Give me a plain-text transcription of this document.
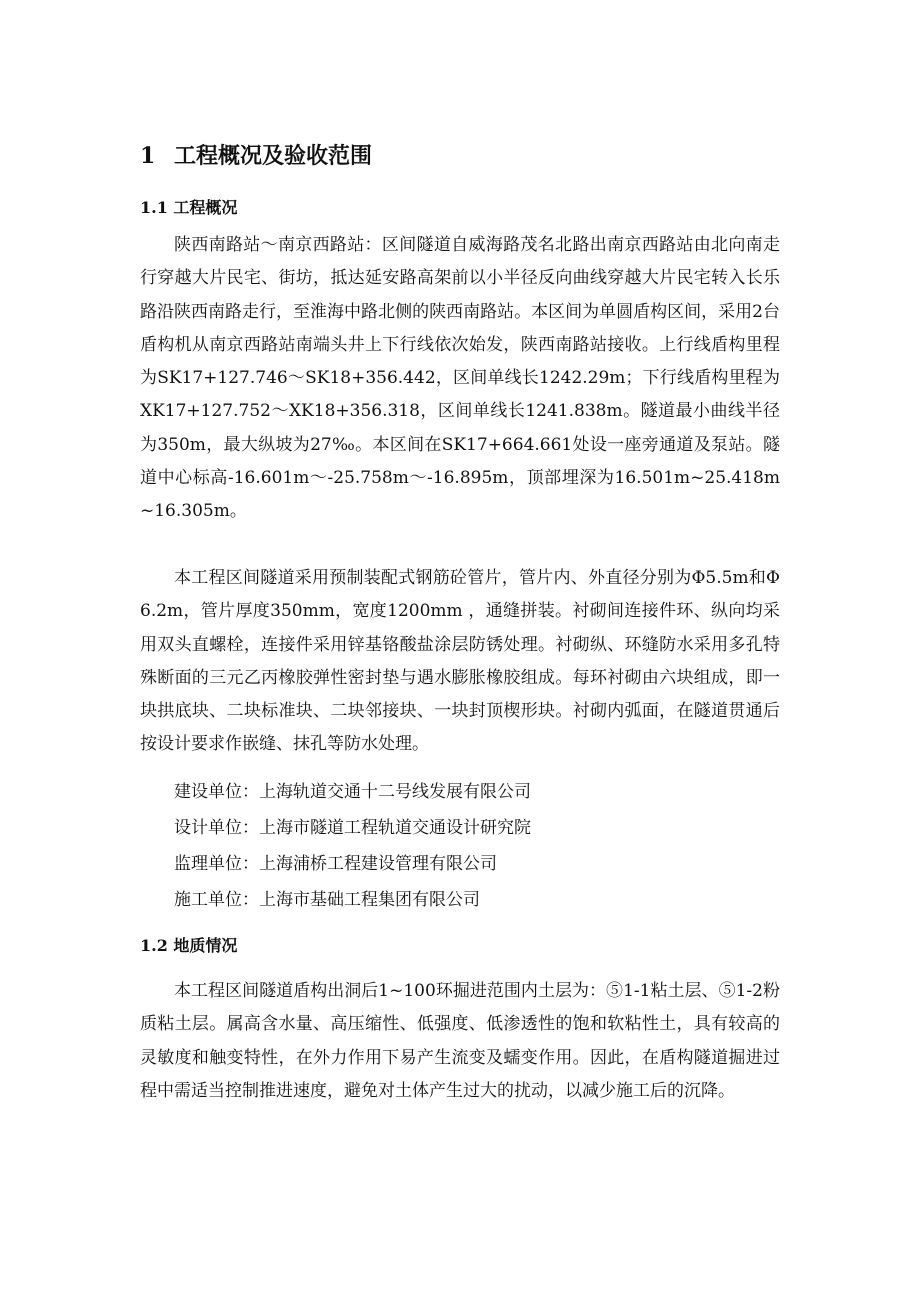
1 工程概况及验收范围
1.1 工程概况

陕西南路站～南京西路站：区间隧道自威海路茂名北路出南京西路站由北向南走行穿越大片民宅、街坊，抵达延安路高架前以小半径反向曲线穿越大片民宅转入长乐路沿陕西南路走行，至淮海中路北侧的陕西南路站。本区间为单圆盾构区间，采用2台盾构机从南京西路站南端头井上下行线依次始发，陕西南路站接收。上行线盾构里程为SK17+127.746～SK18+356.442，区间单线长1242.29m；下行线盾构里程为XK17+127.752～XK18+356.318，区间单线长1241.838m。隧道最小曲线半径为350m，最大纵坡为27‰。本区间在SK17+664.661处设一座旁通道及泵站。隧道中心标高-16.601m～-25.758m～-16.895m，顶部埋深为16.501m~25.418m~16.305m。

本工程区间隧道采用预制装配式钢筋砼管片，管片内、外直径分别为Φ5.5m和Φ6.2m，管片厚度350mm，宽度1200mm ，通缝拼装。衬砌间连接件环、纵向均采用双头直螺栓，连接件采用锌基铬酸盐涂层防锈处理。衬砌纵、环缝防水采用多孔特殊断面的三元乙丙橡胶弹性密封垫与遇水膨胀橡胶组成。每环衬砌由六块组成，即一块拱底块、二块标准块、二块邻接块、一块封顶楔形块。衬砌内弧面，在隧道贯通后按设计要求作嵌缝、抹孔等防水处理。

建设单位：上海轨道交通十二号线发展有限公司
设计单位：上海市隧道工程轨道交通设计研究院
监理单位：上海浦桥工程建设管理有限公司
施工单位：上海市基础工程集团有限公司
1.2 地质情况

本工程区间隧道盾构出洞后1~100环掘进范围内土层为：⑤1-1粘土层、⑤1-2粉质粘土层。属高含水量、高压缩性、低强度、低渗透性的饱和软粘性土，具有较高的灵敏度和触变特性，在外力作用下易产生流变及蠕变作用。因此，在盾构隧道掘进过程中需适当控制推进速度，避免对土体产生过大的扰动，以减少施工后的沉降。
